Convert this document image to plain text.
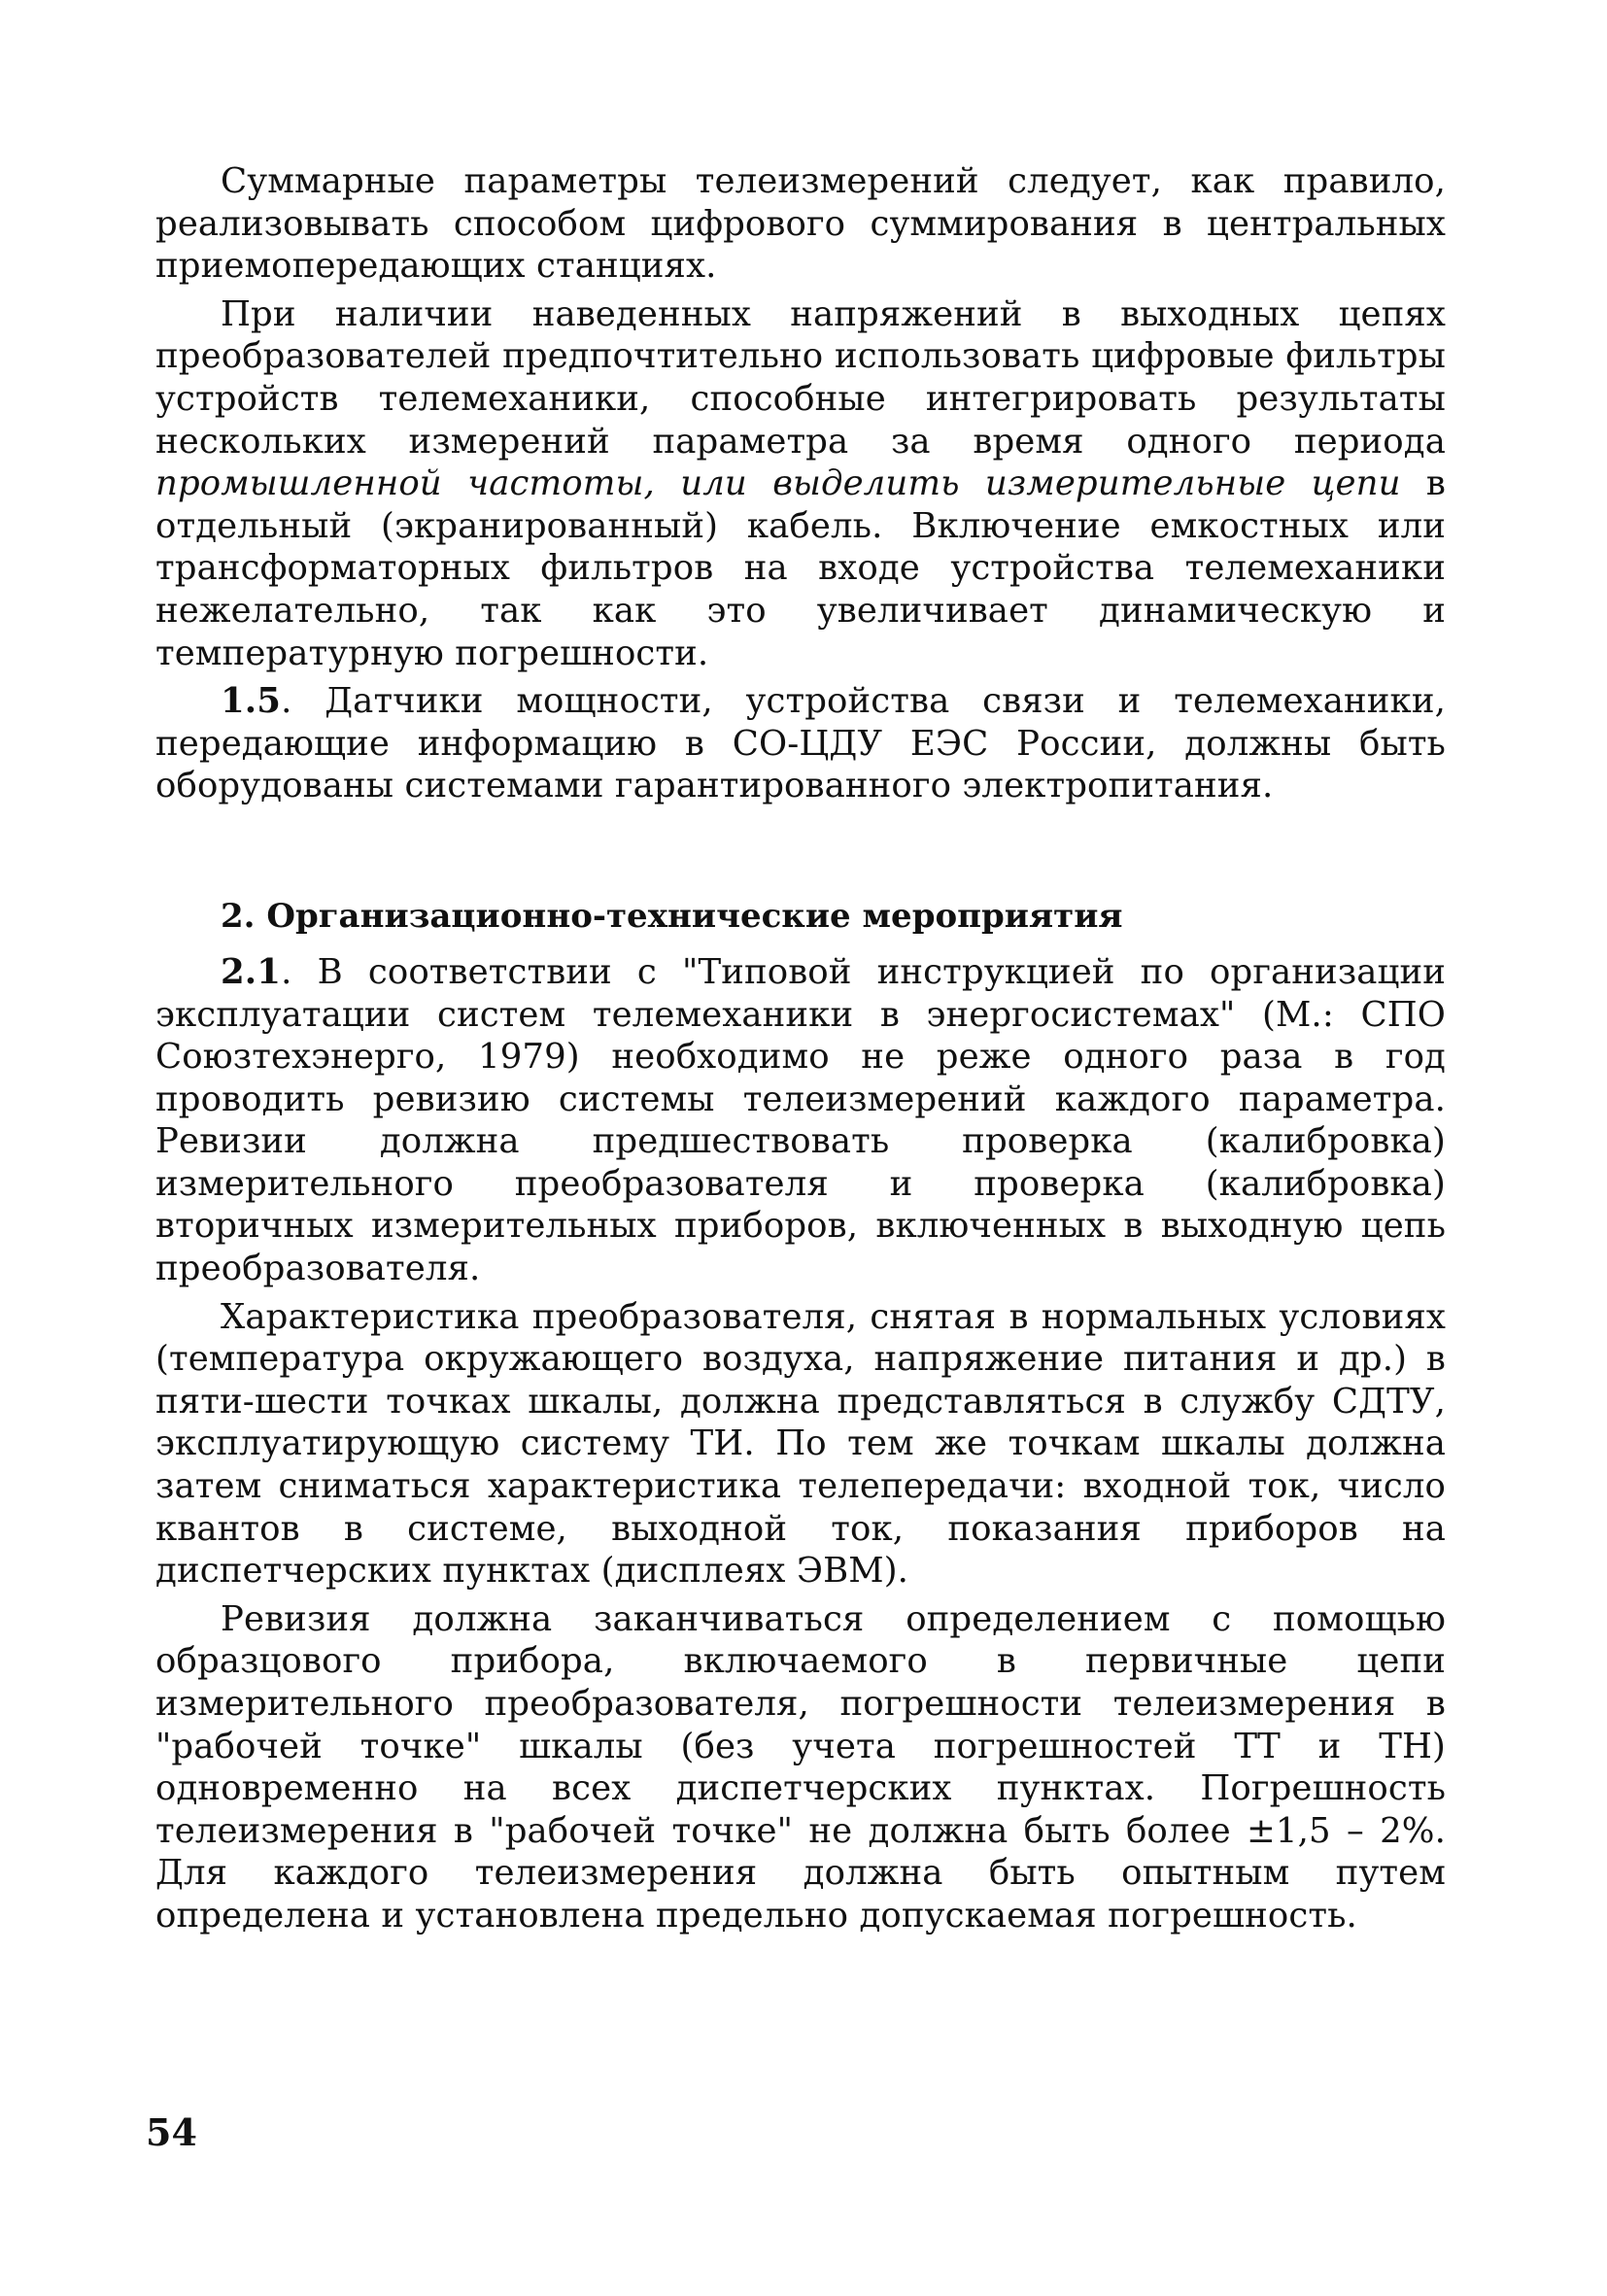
Суммарные параметры телеизмерений следует, как правило, реализовывать способом цифрового суммирования в центральных приемопередающих станциях.

При наличии наведенных напряжений в выходных цепях преобразователей предпочтительно использовать цифровые фильтры устройств телемеханики, способные интегрировать результаты нескольких измерений параметра за время одного периода промышленной частоты, или выделить измерительные цепи в отдельный (экранированный) кабель. Включение емкостных или трансформаторных фильтров на входе устройства телемеханики нежелательно, так как это увеличивает динамическую и температурную погрешности.

1.5. Датчики мощности, устройства связи и телемеханики, передающие информацию в СО-ЦДУ ЕЭС России, должны быть оборудованы системами гарантированного электропитания.

2. Организационно-технические мероприятия

2.1. В соответствии с "Типовой инструкцией по организации эксплуатации систем телемеханики в энергосистемах" (М.: СПО Союзтехэнерго, 1979) необходимо не реже одного раза в год проводить ревизию системы телеизмерений каждого параметра. Ревизии должна предшествовать проверка (калибровка) измерительного преобразователя и проверка (калибровка) вторичных измерительных приборов, включенных в выходную цепь преобразователя.

Характеристика преобразователя, снятая в нормальных условиях (температура окружающего воздуха, напряжение питания и др.) в пяти-шести точках шкалы, должна представляться в службу СДТУ, эксплуатирующую систему ТИ. По тем же точкам шкалы должна затем сниматься характеристика телепередачи: входной ток, число квантов в системе, выходной ток, показания приборов на диспетчерских пунктах (дисплеях ЭВМ).

Ревизия должна заканчиваться определением с помощью образцового прибора, включаемого в первичные цепи измерительного преобразователя, погрешности телеизмерения в "рабочей точке" шкалы (без учета погрешностей ТТ и ТН) одновременно на всех диспетчерских пунктах. Погрешность телеизмерения в "рабочей точке" не должна быть более ±1,5 – 2%. Для каждого телеизмерения должна быть опытным путем определена и установлена предельно допускаемая погрешность.

54
